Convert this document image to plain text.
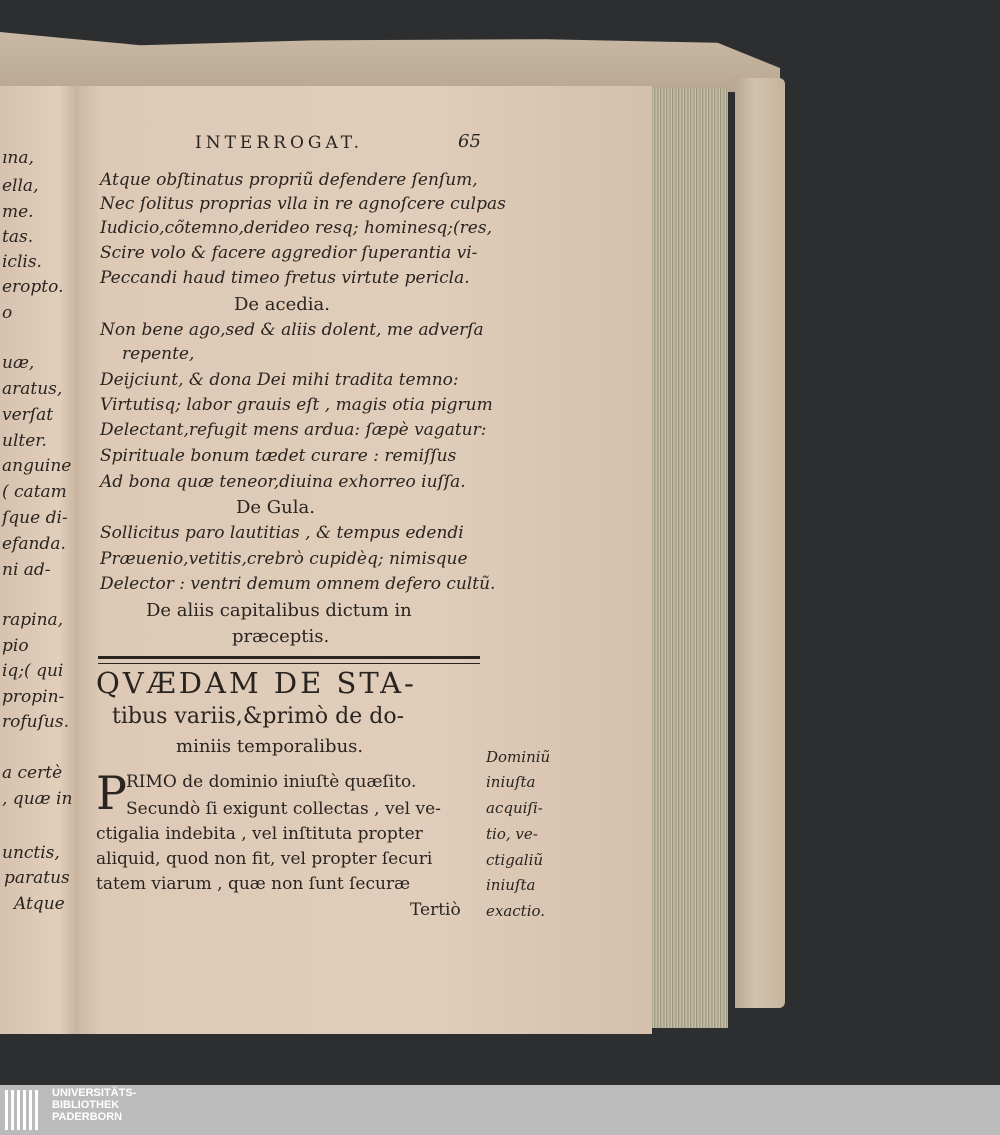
ına,
ella,
me.
tas.
iclis.
eropto.
o
uæ,
aratus,
verſat
ulter.
anguine
( catam
ſque di-
efanda.
ni ad-
rapina,
pio
iq;( qui
propin-
rofuſus.
a certè
, quæ in
unctis,
paratus
Atque
INTERROGAT.	65
Atque obſtinatus propriũ defendere ſenſum,
Nec ſolitus proprias vlla in re agnoſcere culpas
Iudicio,cõtemno,derideo resq; hominesq;(res,
Scire volo & facere aggredior ſuperantia vi-
Peccandi haud timeo fretus virtute pericla.
De acedia.
Non bene ago,sed & aliis dolent, me adverſa
repente,
Deijciunt, & dona Dei mihi tradita temno:
Virtutisq; labor grauis eſt , magis otia pigrum
Delectant,refugit mens ardua: ſæpè vagatur:
Spirituale bonum tædet curare : remiſſus
Ad bona quæ teneor,diuina exhorreo iuſſa.
De Gula.
Sollicitus paro lautitias , & tempus edendi
Præuenio,vetitis,crebrò cupidèq; nimisque
Delector : ventri demum omnem defero cultũ.
De aliis capitalibus dictum in
præceptis.
QVÆDAM DE STA-
tibus variis,&primò de do-
miniis temporalibus.
P RIMO de dominio iniuſtè quæſito.
Secundò ſi exigunt collectas , vel ve-
ctigalia indebita , vel inſtituta propter
aliquid, quod non fit, vel propter ſecuri
tatem viarum , quæ non ſunt ſecuræ
Tertiò
Dominiũ
iniuſta
acquiſi-
tio, ve-
ctigaliũ
iniuſta
exactio.
UNIVERSITÄTS-
BIBLIOTHEK
PADERBORN
